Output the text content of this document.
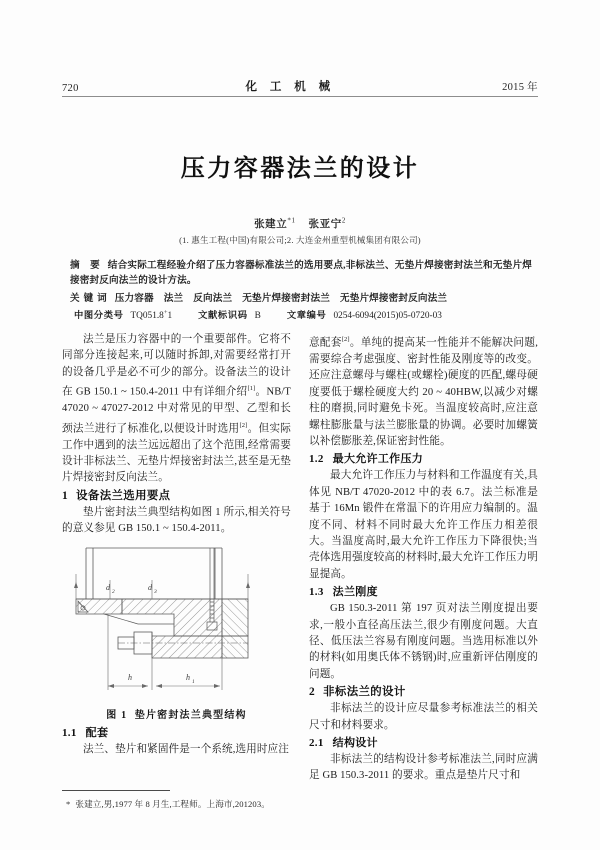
720	化 工 机 械	2015 年
压力容器法兰的设计
张建立$^{*1}$ 张亚宁$^2$
(1. 惠生工程(中国)有限公司;2. 大连金州重型机械集团有限公司)
摘 要 结合实际工程经验介绍了压力容器标准法兰的选用要点,非标法兰、无垫片焊接密封法兰和无垫片焊接密封反向法兰的设计方法。
关键词 压力容器 法兰 反向法兰 无垫片焊接密封法兰 无垫片焊接密封反向法兰
中图分类号 TQ051.8+1	文献标识码 B	文章编号 0254-6094(2015)05-0720-03

法兰是压力容器中的一个重要部件。它将不同部分连接起来,可以随时拆卸,对需要经常打开的设备几乎是必不可少的部分。设备法兰的设计在 GB 150.1 ~ 150.4-2011 中有详细介绍[1]。NB/T 47020 ~ 47027-2012 中对常见的甲型、乙型和长颈法兰进行了标准化,以便设计时选用[2]。但实际工作中遇到的法兰远远超出了这个范围,经常需要设计非标法兰、无垫片焊接密封法兰,甚至是无垫片焊接密封反向法兰。

1 设备法兰选用要点

垫片密封法兰典型结构如图 1 所示,相关符号的意义参见 GB 150.1 ~ 150.4-2011。

d 2	d 3
h	h 1
图 1 垫片密封法兰典型结构
1.1 配套

法兰、垫片和紧固件是一个系统,选用时应注

意配套[2]。单纯的提高某一性能并不能解决问题,需要综合考虑强度、密封性能及刚度等的改变。还应注意螺母与螺柱(或螺栓)硬度的匹配,螺母硬度要低于螺栓硬度大约 20 ~ 40HBW,以减少对螺柱的磨损,同时避免卡死。当温度较高时,应注意螺柱膨胀量与法兰膨胀量的协调。必要时加螺簧以补偿膨胀差,保证密封性能。

1.2 最大允许工作压力

最大允许工作压力与材料和工作温度有关,具体见 NB/T 47020-2012 中的表 6.7。法兰标准是基于 16Mn 锻件在常温下的许用应力编制的。温度不同、材料不同时最大允许工作压力相差很大。当温度高时,最大允许工作压力下降很快;当壳体选用强度较高的材料时,最大允许工作压力明显提高。

1.3 法兰刚度

GB 150.3-2011 第 197 页对法兰刚度提出要求,一般小直径高压法兰,很少有刚度问题。大直径、低压法兰容易有刚度问题。当选用标准以外的材料(如用奥氏体不锈钢)时,应重新评估刚度的问题。

2 非标法兰的设计

非标法兰的设计应尽量参考标准法兰的相关尺寸和材料要求。

2.1 结构设计

非标法兰的结构设计参考标准法兰,同时应满足 GB 150.3-2011 的要求。重点是垫片尺寸和

* 张建立,男,1977 年 8 月生,工程师。上海市,201203。
